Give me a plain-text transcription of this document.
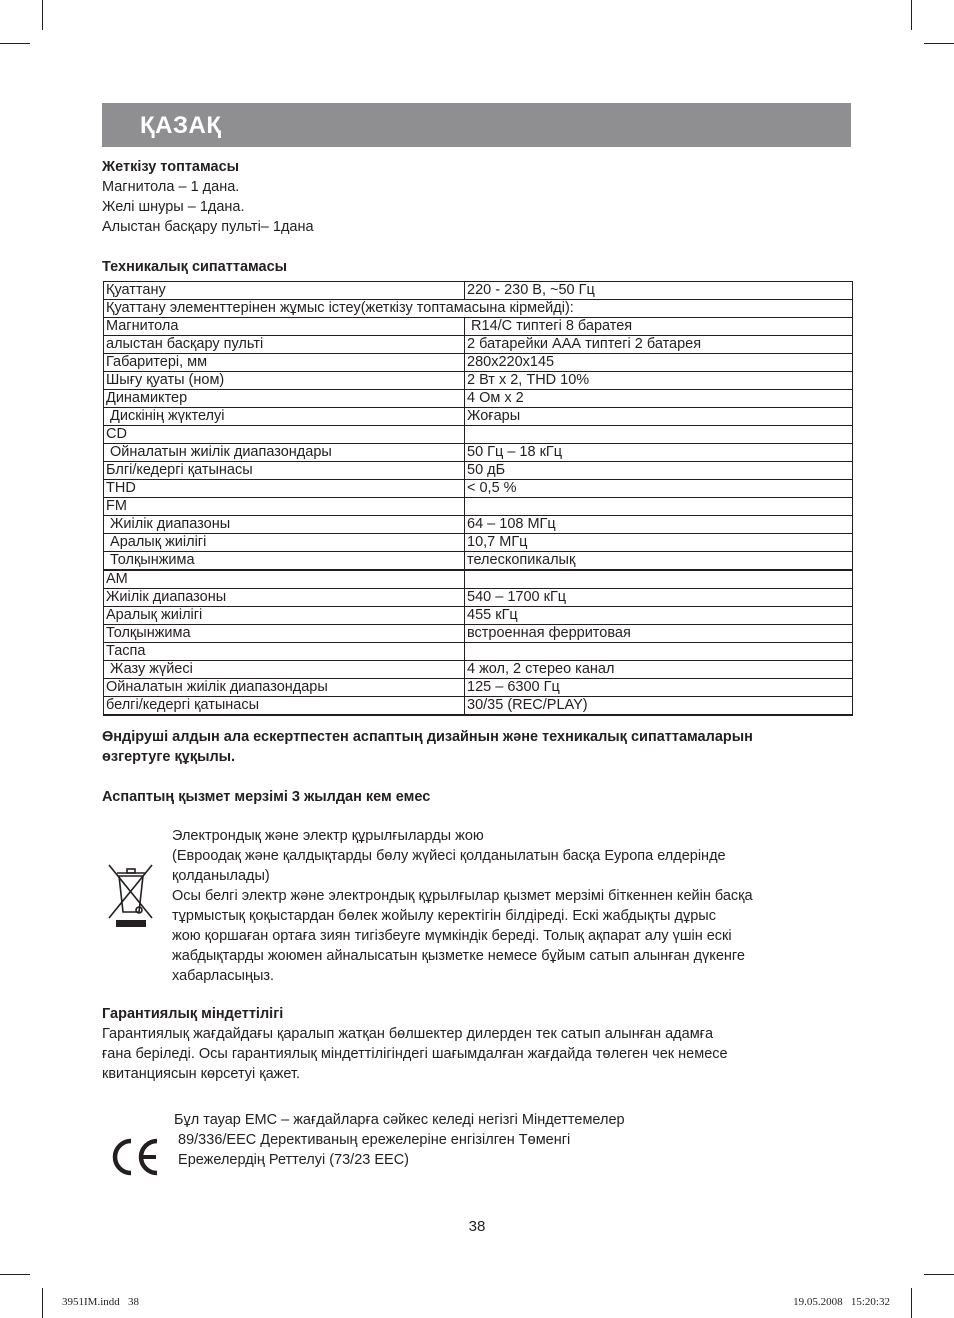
ҚАЗАҚ
Жеткізу топтамасы
Магнитола – 1 дана.
Желі шнуры – 1дана.
Алыстан басқару пульті– 1дана
Техникалық сипаттамасы
Қуаттану	220 - 230 В, ~50 Гц
Қуаттану элементтерінен жұмыс істеу(жеткізу топтамасына кірмейді):	
Магнитола	R14/С типтегі 8 баратея
алыстан басқару пульті	2 батарейки ААА типтегі 2 батарея
Габаритері, мм	280х220х145
Шығу қуаты (ном)	2 Вт х 2, THD 10%
Динамиктер	4 Ом х 2
Дискінің жүктелуі	Жоғары
CD	
Ойналатын жиілік диапазондары	50 Гц – 18 кГц
Блгі/кедергі қатынасы	50 дБ
THD	< 0,5 %
FM	
Жиілік диапазоны	64 – 108 МГц
Аралық жиілігі	10,7 МГц
Толқынжима	телескопикалық
АМ	
Жиілік диапазоны	540 – 1700 кГц
Аралық жиілігі	455 кГц
Толқынжима	встроенная ферритовая
Таспа	
Жазу жүйесі	4 жол, 2 стерео канал
Ойналатын жиілік диапазондары	125 – 6300 Гц
белгі/кедергі қатынасы	30/35 (REC/PLAY)
Өндіруші алдын ала ескертпестен аспаптың дизайнын және техникалық сипаттамаларын
өзгертуге құқылы.
Аспаптың қызмет мерзімі 3 жылдан кем емес
Электрондық және электр құрылғыларды жою
(Евроодақ және қалдықтарды бөлу жүйесі қолданылатын басқа Еуропа елдерінде
қолданылады)
Осы белгі электр және электрондық құрылғылар қызмет мерзімі біткеннен кейін басқа
тұрмыстық қоқыстардан бөлек жойылу керектігін білдіреді. Ескі жабдықты дұрыс
жою қоршаған ортаға зиян тигізбеуге мүмкіндік береді. Толық ақпарат алу үшін ескі
жабдықтарды жоюмен айналысатын қызметке немесе бұйым сатып алынған дүкенге
хабарласыңыз.
Гарантиялық міндеттілігі
Гарантиялық жағдайдағы қаралып жатқан бөлшектер дилерден тек сатып алынған адамға
ғана беріледі. Осы гарантиялық міндеттілігіндегі шағымдалған жағдайда төлеген чек немесе
квитанциясын көрсетуі қажет.
Бұл тауар ЕМС – жағдайларға сәйкес келеді негізгі Міндеттемелер
89/336/ЕЕС Дерективаның ережелеріне енгізілген Төменгі
Ережелердің Реттелуі (73/23 ЕЕС)
38
3951IM.indd   38	19.05.2008   15:20:32
